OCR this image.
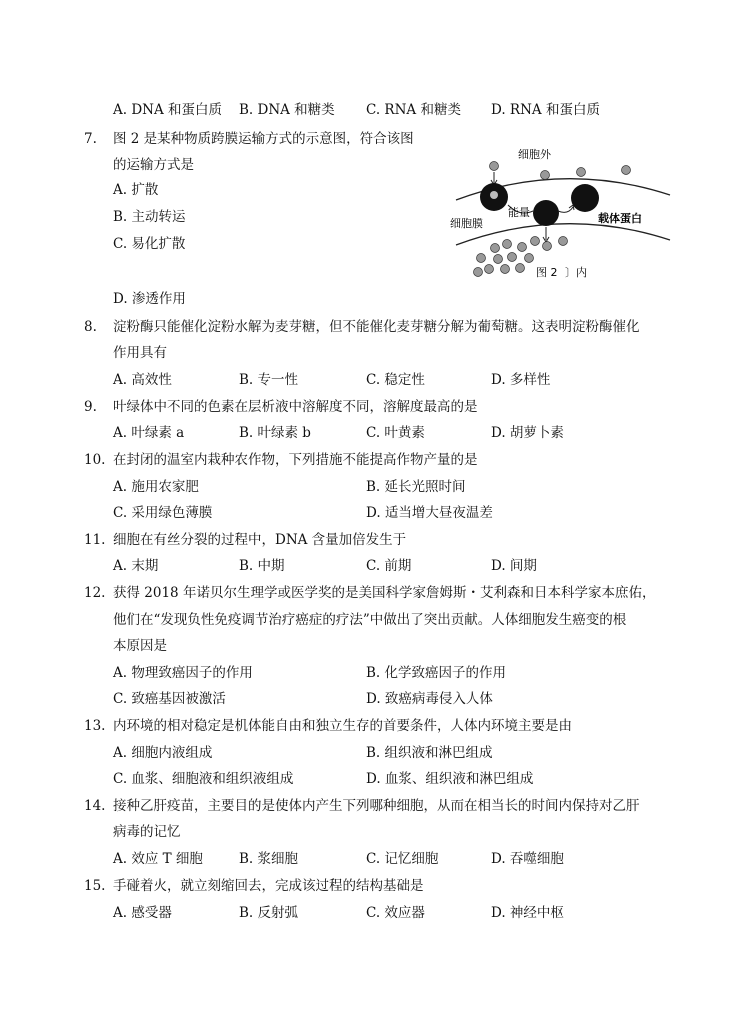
A. DNA 和蛋白质 B. DNA 和糖类 C. RNA 和糖类 D. RNA 和蛋白质
7. 图 2 是某种物质跨膜运输方式的示意图，符合该图
的运输方式是
A. 扩散
B. 主动转运
C. 易化扩散
D. 渗透作用
细胞外
能量
细胞膜	载体蛋白
图 2 〕内
8. 淀粉酶只能催化淀粉水解为麦芽糖，但不能催化麦芽糖分解为葡萄糖。这表明淀粉酶催化
作用具有
A. 高效性	B. 专一性	C. 稳定性	D. 多样性
9. 叶绿体中不同的色素在层析液中溶解度不同，溶解度最高的是
A. 叶绿素 a	B. 叶绿素 b	C. 叶黄素	D. 胡萝卜素
10. 在封闭的温室内栽种农作物，下列措施不能提高作物产量的是
A. 施用农家肥	B. 延长光照时间
C. 采用绿色薄膜	D. 适当增大昼夜温差
11. 细胞在有丝分裂的过程中，DNA 含量加倍发生于
A. 末期	B. 中期	C. 前期	D. 间期
12. 获得 2018 年诺贝尔生理学或医学奖的是美国科学家詹姆斯・艾利森和日本科学家本庶佑，
他们在“发现负性免疫调节治疗癌症的疗法”中做出了突出贡献。人体细胞发生癌变的根
本原因是
A. 物理致癌因子的作用	B. 化学致癌因子的作用
C. 致癌基因被激活	D. 致癌病毒侵入人体
13. 内环境的相对稳定是机体能自由和独立生存的首要条件，人体内环境主要是由
A. 细胞内液组成	B. 组织液和淋巴组成
C. 血浆、细胞液和组织液组成	D. 血浆、组织液和淋巴组成
14. 接种乙肝疫苗，主要目的是使体内产生下列哪种细胞，从而在相当长的时间内保持对乙肝
病毒的记忆
A. 效应 T 细胞	B. 浆细胞	C. 记忆细胞	D. 吞噬细胞
15. 手碰着火，就立刻缩回去，完成该过程的结构基础是
A. 感受器	B. 反射弧	C. 效应器	D. 神经中枢
